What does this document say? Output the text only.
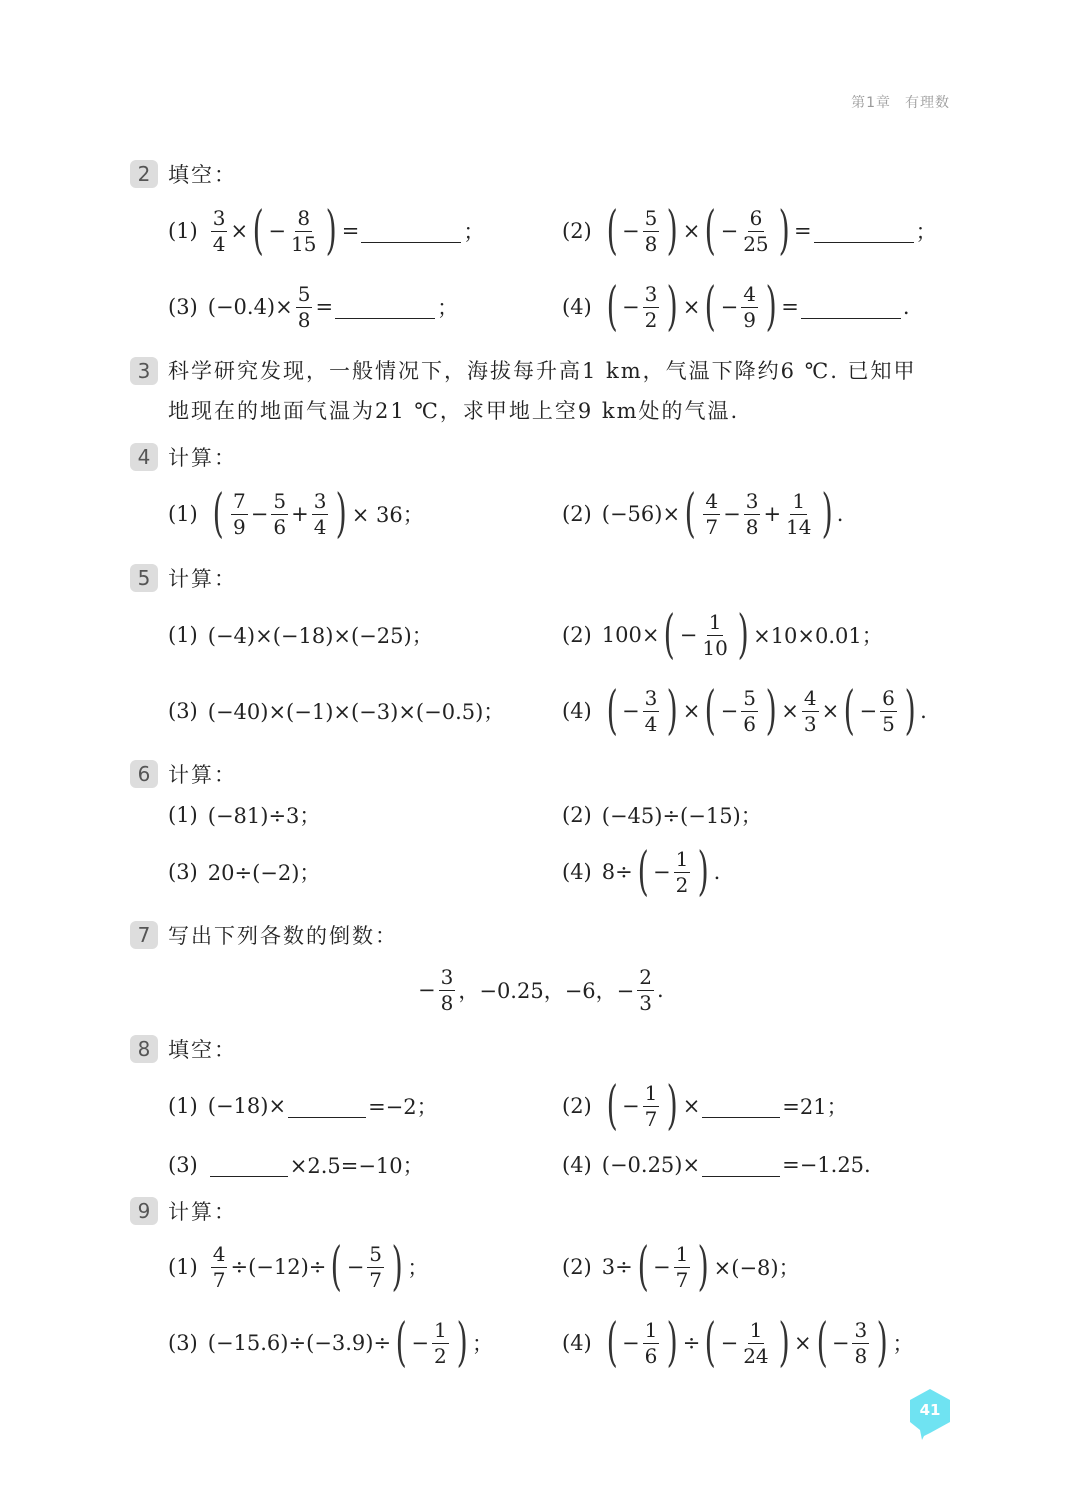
第1章 有理数
2 填空：
$(1) \frac{3}{4}$ × ( − $\frac{8}{15}$ ) =	；	(2) ( − $\frac{5}{8}$ ) × ( − $\frac{6}{25}$ ) =	；
(3) $(-0.4)\times \frac{5}{8}$ =	；	(4) ( − $\frac{3}{2}$ ) × ( − $\frac{4}{9}$ ) =	.
3 科学研究发现，一般情况下，海拔每升高1 km，气温下降约6 ℃. 已知甲
地现在的地面气温为21 ℃，求甲地上空9 km处的气温.
4 计算：
(1) ( $\frac{7}{9} - \frac{5}{6} + \frac{3}{4}$ ) × 36；	(2) (−56)× ( $\frac{4}{7} - \frac{3}{8} + \frac{1}{14}$ ) .
5 计算：
(1) (−4)×(−18)×(−25)；	(2) 100× ( − $\frac{1}{10}$ ) ×10×0.01；
(3) (−40)×(−1)×(−3)×(−0.5)；	(4) ( − $\frac{3}{4}$ ) × ( − $\frac{5}{6}$ ) × $\frac{4}{3}$ × ( − $\frac{6}{5}$ ) .
6 计算：
(1) (−81)÷3；	(2) (−45)÷(−15)；
(3) 20÷(−2)；	(4) 8÷ ( − $\frac{1}{2}$ ) .
7 写出下列各数的倒数：
− $\frac{3}{8}$ ，−0.25，−6，− $\frac{2}{3}$ .
8 填空：
(1) (−18)×	=−2；	(2) ( − $\frac{1}{7}$ ) ×	=21；
(3)	×2.5=−10；	(4) (−0.25)×	=−1.25.
9 计算：
$(1) \frac{4}{7} \div(-12)\div$ ( − $\frac{5}{7}$ ) ；	(2) 3÷ ( − $\frac{1}{7}$ ) ×(−8)；
(3) (−15.6)÷(−3.9)÷ ( − $\frac{1}{2}$ ) ；	(4) ( − $\frac{1}{6}$ ) ÷ ( − $\frac{1}{24}$ ) × ( − $\frac{3}{8}$ ) ；
41
